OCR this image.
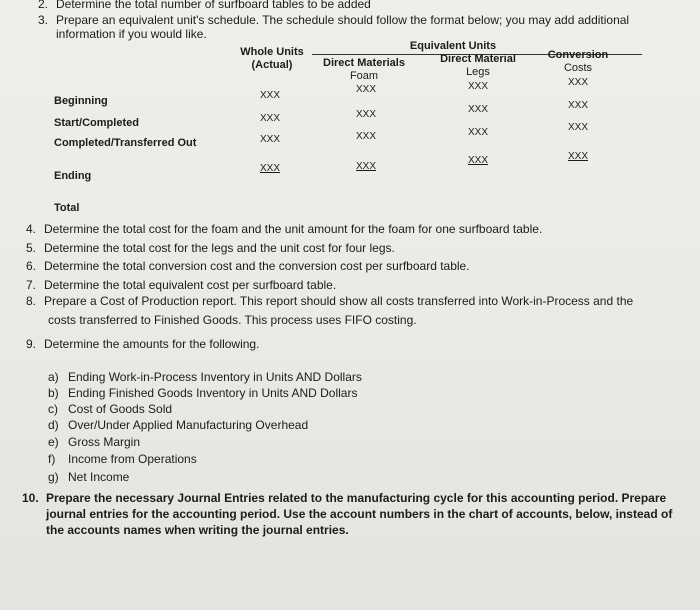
2. Determine the total number of surfboard tables to be added
3. Prepare an equivalent unit's schedule. The schedule should follow the format below; you may add additional
information if you would like.
Equivalent Units
Whole Units
(Actual)	Direct Materials
Foam
Direct Material
Legs
Conversion
Costs
Beginning
Start/Completed
Completed/Transferred Out
Ending
Total
XXX
XXX
XXX
XXX
XXX
XXX
XXX
XXX
XXX
XXX
XXX
XXX
XXX
XXX
XXX
XXX
4. Determine the total cost for the foam and the unit amount for the foam for one surfboard table.
5. Determine the total cost for the legs and the unit cost for four legs.
6. Determine the total conversion cost and the conversion cost per surfboard table.
7. Determine the total equivalent cost per surfboard table.
8. Prepare a Cost of Production report. This report should show all costs transferred into Work-in-Process and the
costs transferred to Finished Goods. This process uses FIFO costing.
9. Determine the amounts for the following.
a) Ending Work-in-Process Inventory in Units AND Dollars
b) Ending Finished Goods Inventory in Units AND Dollars
c) Cost of Goods Sold
d) Over/Under Applied Manufacturing Overhead
e) Gross Margin
f) Income from Operations
g) Net Income
10. Prepare the necessary Journal Entries related to the manufacturing cycle for this accounting period. Prepare
journal entries for the accounting period. Use the account numbers in the chart of accounts, below, instead of
the accounts names when writing the journal entries.
